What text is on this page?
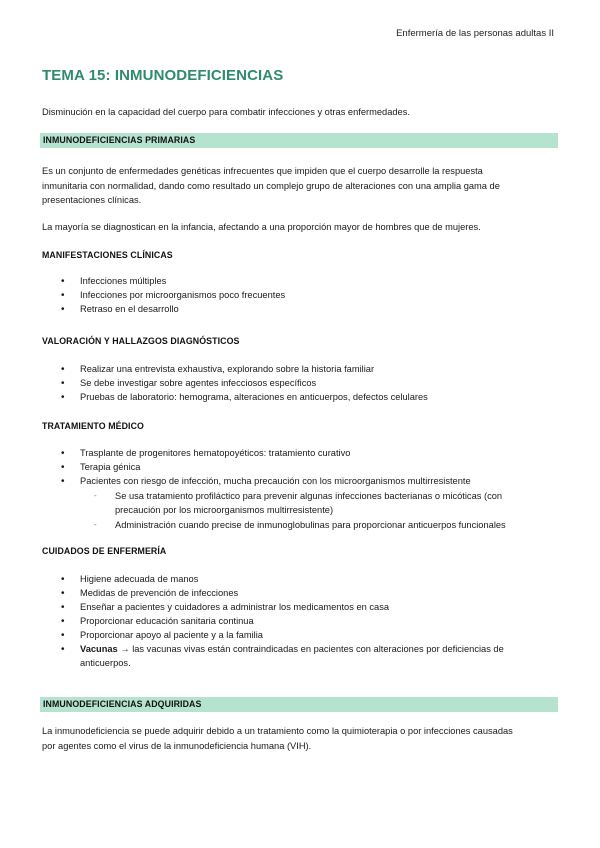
Enfermería de las personas adultas II
TEMA 15: INMUNODEFICIENCIAS
Disminución en la capacidad del cuerpo para combatir infecciones y otras enfermedades.
INMUNODEFICIENCIAS PRIMARIAS
Es un conjunto de enfermedades genéticas infrecuentes que impiden que el cuerpo desarrolle la respuesta inmunitaria con normalidad, dando como resultado un complejo grupo de alteraciones con una amplia gama de presentaciones clínicas.
La mayoría se diagnostican en la infancia, afectando a una proporción mayor de hombres que de mujeres.
MANIFESTACIONES CLÍNICAS
• Infecciones múltiples
• Infecciones por microorganismos poco frecuentes
• Retraso en el desarrollo
VALORACIÓN Y HALLAZGOS DIAGNÓSTICOS
• Realizar una entrevista exhaustiva, explorando sobre la historia familiar
• Se debe investigar sobre agentes infecciosos específicos
• Pruebas de laboratorio: hemograma, alteraciones en anticuerpos, defectos celulares
TRATAMIENTO MÉDICO
• Trasplante de progenitores hematopoyéticos: tratamiento curativo
• Terapia génica
• Pacientes con riesgo de infección, mucha precaución con los microorganismos multirresistente
-	Se usa tratamiento profiláctico para prevenir algunas infecciones bacterianas o micóticas (con precaución por los microorganismos multirresistente)
-	Administración cuando precise de inmunoglobulinas para proporcionar anticuerpos funcionales
CUIDADOS DE ENFERMERÍA
• Higiene adecuada de manos
• Medidas de prevención de infecciones
• Enseñar a pacientes y cuidadores a administrar los medicamentos en casa
• Proporcionar educación sanitaria continua
• Proporcionar apoyo al paciente y a la familia
• Vacunas → las vacunas vivas están contraindicadas en pacientes con alteraciones por deficiencias de anticuerpos.
INMUNODEFICIENCIAS ADQUIRIDAS
La inmunodeficiencia se puede adquirir debido a un tratamiento como la quimioterapia o por infecciones causadas por agentes como el virus de la inmunodeficiencia humana (VIH).
